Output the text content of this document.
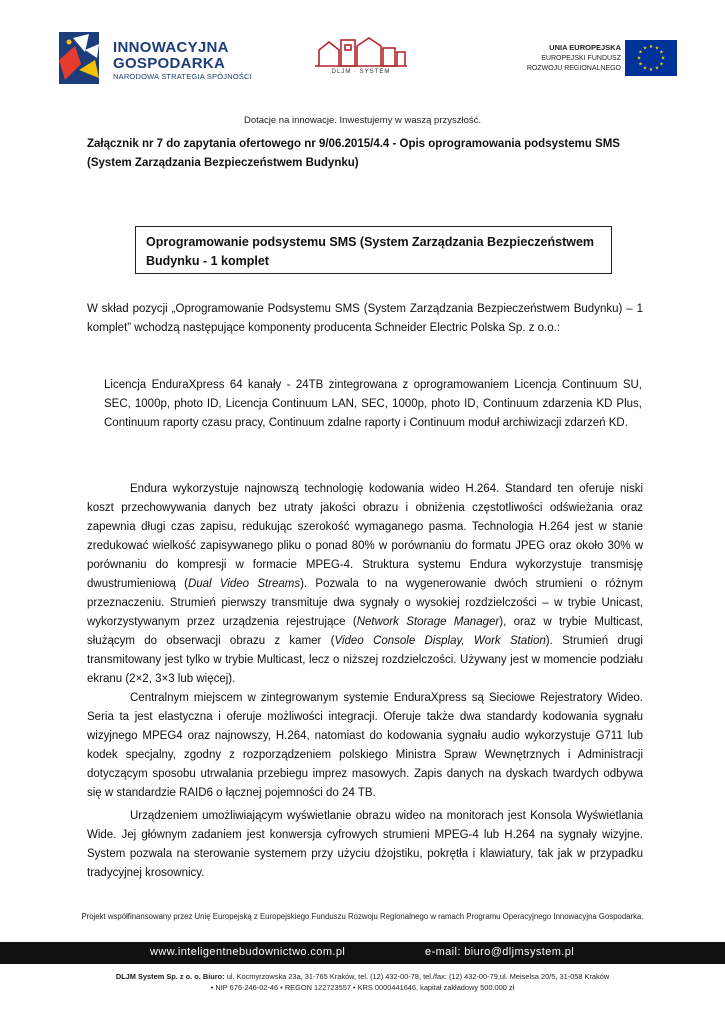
INNOWACYJNA
GOSPODARKA
NARODOWA STRATEGIA SPÓJNOŚCI	DLJM · SYSTEM
UNIA EUROPEJSKA
EUROPEJSKI FUNDUSZ
ROZWOJU REGIONALNEGO
★ ★
★
★
★
★
★
★
★
★
★
★
Dotacje na innowacje. Inwestujemy w waszą przyszłość.
Załącznik nr 7 do zapytania ofertowego nr 9/06.2015/4.4 - Opis oprogramowania podsystemu SMS (System Zarządzania Bezpieczeństwem Budynku)
Oprogramowanie podsystemu SMS (System Zarządzania Bezpieczeństwem Budynku - 1 komplet
W skład pozycji „Oprogramowanie Podsystemu SMS (System Zarządzania Bezpieczeństwem Budynku) – 1 komplet” wchodzą następujące komponenty producenta Schneider Electric Polska Sp. z o.o.:
Licencja EnduraXpress 64 kanały - 24TB zintegrowana z oprogramowaniem Licencja Continuum SU, SEC, 1000p, photo ID, Licencja Continuum LAN, SEC, 1000p, photo ID, Continuum zdarzenia KD Plus, Continuum raporty czasu pracy, Continuum zdalne raporty i Continuum moduł archiwizacji zdarzeń KD.
Endura wykorzystuje najnowszą technologię kodowania wideo H.264. Standard ten oferuje niski koszt przechowywania danych bez utraty jakości obrazu i obniżenia częstotliwości odświeżania oraz zapewnia długi czas zapisu, redukując szerokość wymaganego pasma. Technologia H.264 jest w stanie zredukować wielkość zapisywanego pliku o ponad 80% w porównaniu do formatu JPEG oraz około 30% w porównaniu do kompresji w formacie MPEG-4. Struktura systemu Endura wykorzystuje transmisję dwustrumieniową (Dual Video Streams). Pozwala to na wygenerowanie dwóch strumieni o różnym przeznaczeniu. Strumień pierwszy transmituje dwa sygnały o wysokiej rozdzielczości – w trybie Unicast, wykorzystywanym przez urządzenia rejestrujące (Network Storage Manager), oraz w trybie Multicast, służącym do obserwacji obrazu z kamer (Video Console Display, Work Station). Strumień drugi transmitowany jest tylko w trybie Multicast, lecz o niższej rozdzielczości. Używany jest w momencie podziału ekranu (2×2, 3×3 lub więcej).
Centralnym miejscem w zintegrowanym systemie EnduraXpress są Sieciowe Rejestratory Wideo. Seria ta jest elastyczna i oferuje możliwości integracji. Oferuje także dwa standardy kodowania sygnału wizyjnego MPEG4 oraz najnowszy, H.264, natomiast do kodowania sygnału audio wykorzystuje G711 lub kodek specjalny, zgodny z rozporządzeniem polskiego Ministra Spraw Wewnętrznych i Administracji dotyczącym sposobu utrwalania przebiegu imprez masowych. Zapis danych na dyskach twardych odbywa się w standardzie RAID6 o łącznej pojemności do 24 TB.
Urządzeniem umożliwiającym wyświetlanie obrazu wideo na monitorach jest Konsola Wyświetlania Wide. Jej głównym zadaniem jest konwersja cyfrowych strumieni MPEG-4 lub H.264 na sygnały wizyjne. System pozwala na sterowanie systemem przy użyciu dżojstiku, pokrętła i klawiatury, tak jak w przypadku tradycyjnej krosownicy.
Projekt współfinansowany przez Unię Europejską z Europejskiego Funduszu Rozwoju Regionalnego w ramach Programu Operacyjnego Innowacyjna Gospodarka.
www.inteligentnebudownictwo.com.pl	e-mail: biuro@dljmsystem.pl
DLJM System Sp. z o. o. Biuro: ul. Kocmyrzowska 23a, 31-765 Kraków, tel. (12) 432-00-78, tel./fax: (12) 432-00-79,ul. Meiselsa 20/5, 31-058 Kraków
• NIP 676-246-02-46 • REGON 122723557 • KRS 0000441646, kapitał zakładowy 500.000 zł
